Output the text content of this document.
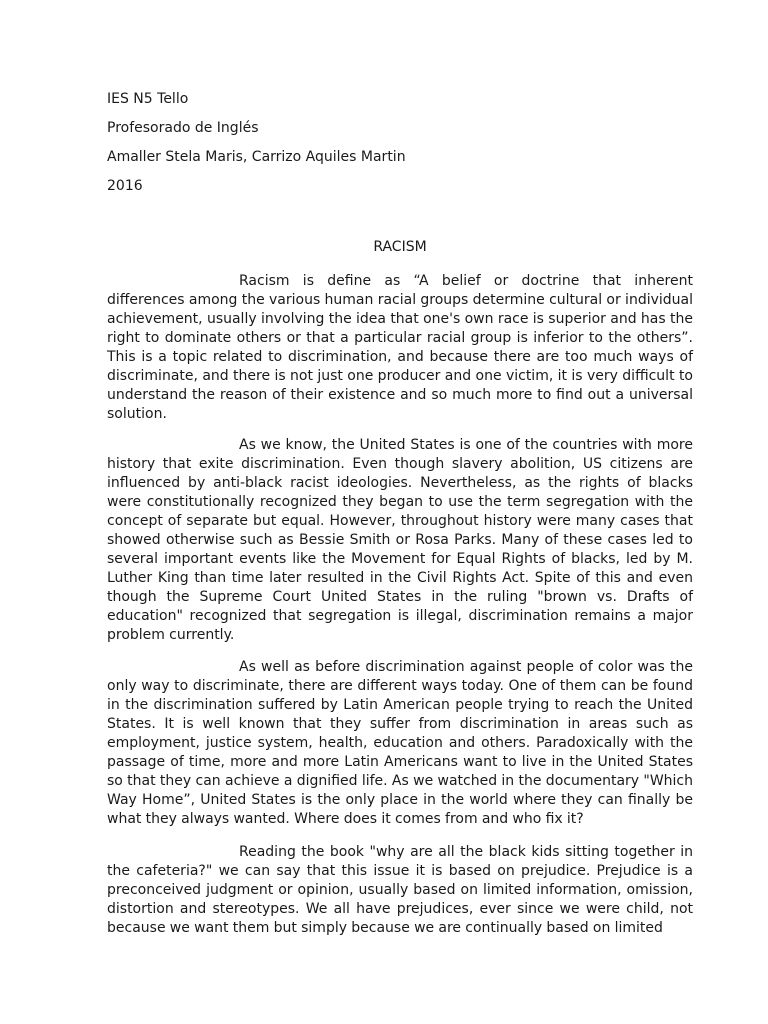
IES N5 Tello
Profesorado de Inglés
Amaller Stela Maris, Carrizo Aquiles Martin
2016
RACISM

Racism is define as “A belief or doctrine that inherent differences among the various human racial groups determine cultural or individual achievement, usually involving the idea that one's own race is superior and has the right to dominate others or that a particular racial group is inferior to the others”. This is a topic related to discrimination, and because there are too much ways of discriminate, and there is not just one producer and one victim, it is very difficult to understand the reason of their existence and so much more to find out a universal solution.

As we know, the United States is one of the countries with more history that exite discrimination. Even though slavery abolition, US citizens are influenced by anti-black racist ideologies. Nevertheless, as the rights of blacks were constitutionally recognized they began to use the term segregation with the concept of separate but equal. However, throughout history were many cases that showed otherwise such as Bessie Smith or Rosa Parks. Many of these cases led to several important events like the Movement for Equal Rights of blacks, led by M. Luther King than time later resulted in the Civil Rights Act. Spite of this and even though the Supreme Court United States in the ruling "brown vs. Drafts of education" recognized that segregation is illegal, discrimination remains a major problem currently.

As well as before discrimination against people of color was the only way to discriminate, there are different ways today. One of them can be found in the discrimination suffered by Latin American people trying to reach the United States. It is well known that they suffer from discrimination in areas such as employment, justice system, health, education and others. Paradoxically with the passage of time, more and more Latin Americans want to live in the United States so that they can achieve a dignified life. As we watched in the documentary "Which Way Home”, United States is the only place in the world where they can finally be what they always wanted. Where does it comes from and who fix it?

Reading the book "why are all the black kids sitting together in the cafeteria?" we can say that this issue it is based on prejudice. Prejudice is a preconceived judgment or opinion, usually based on limited information, omission, distortion and stereotypes. We all have prejudices, ever since we were child, not because we want them but simply because we are continually based on limited
